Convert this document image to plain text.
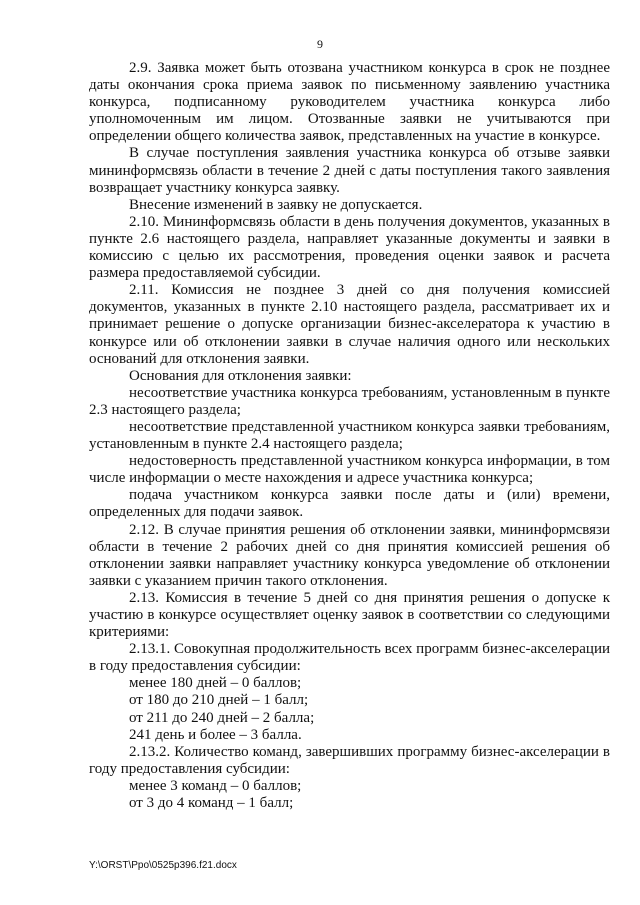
9

2.9. Заявка может быть отозвана участником конкурса в срок не позднее даты окончания срока приема заявок по письменному заявлению участника конкурса, подписанному руководителем участника конкурса либо уполномоченным им лицом. Отозванные заявки не учитываются при определении общего количества заявок, представленных на участие в конкурсе.

В случае поступления заявления участника конкурса об отзыве заявки мининформсвязь области в течение 2 дней с даты поступления такого заявления возвращает участнику конкурса заявку.

Внесение изменений в заявку не допускается.

2.10. Мининформсвязь области в день получения документов, указанных в пункте 2.6 настоящего раздела, направляет указанные документы и заявки в комиссию с целью их рассмотрения, проведения оценки заявок и расчета размера предоставляемой субсидии.

2.11. Комиссия не позднее 3 дней со дня получения комиссией документов, указанных в пункте 2.10 настоящего раздела, рассматривает их и принимает решение о допуске организации бизнес-акселератора к участию в конкурсе или об отклонении заявки в случае наличия одного или нескольких оснований для отклонения заявки.

Основания для отклонения заявки:

несоответствие участника конкурса требованиям, установленным в пункте 2.3 настоящего раздела;

несоответствие представленной участником конкурса заявки требованиям, установленным в пункте 2.4 настоящего раздела;

недостоверность представленной участником конкурса информации, в том числе информации о месте нахождения и адресе участника конкурса;

подача участником конкурса заявки после даты и (или) времени, определенных для подачи заявок.

2.12. В случае принятия решения об отклонении заявки, мининформсвязи области в течение 2 рабочих дней со дня принятия комиссией решения об отклонении заявки направляет участнику конкурса уведомление об отклонении заявки с указанием причин такого отклонения.

2.13. Комиссия в течение 5 дней со дня принятия решения о допуске к участию в конкурсе осуществляет оценку заявок в соответствии со следующими критериями:

2.13.1. Совокупная продолжительность всех программ бизнес-акселерации в году предоставления субсидии:

менее 180 дней – 0 баллов;

от 180 до 210 дней – 1 балл;

от 211 до 240 дней – 2 балла;

241 день и более – 3 балла.

2.13.2. Количество команд, завершивших программу бизнес-акселерации в году предоставления субсидии:

менее 3 команд – 0 баллов;

от 3 до 4 команд – 1 балл;

Y:\ORST\Ppo\0525p396.f21.docx
